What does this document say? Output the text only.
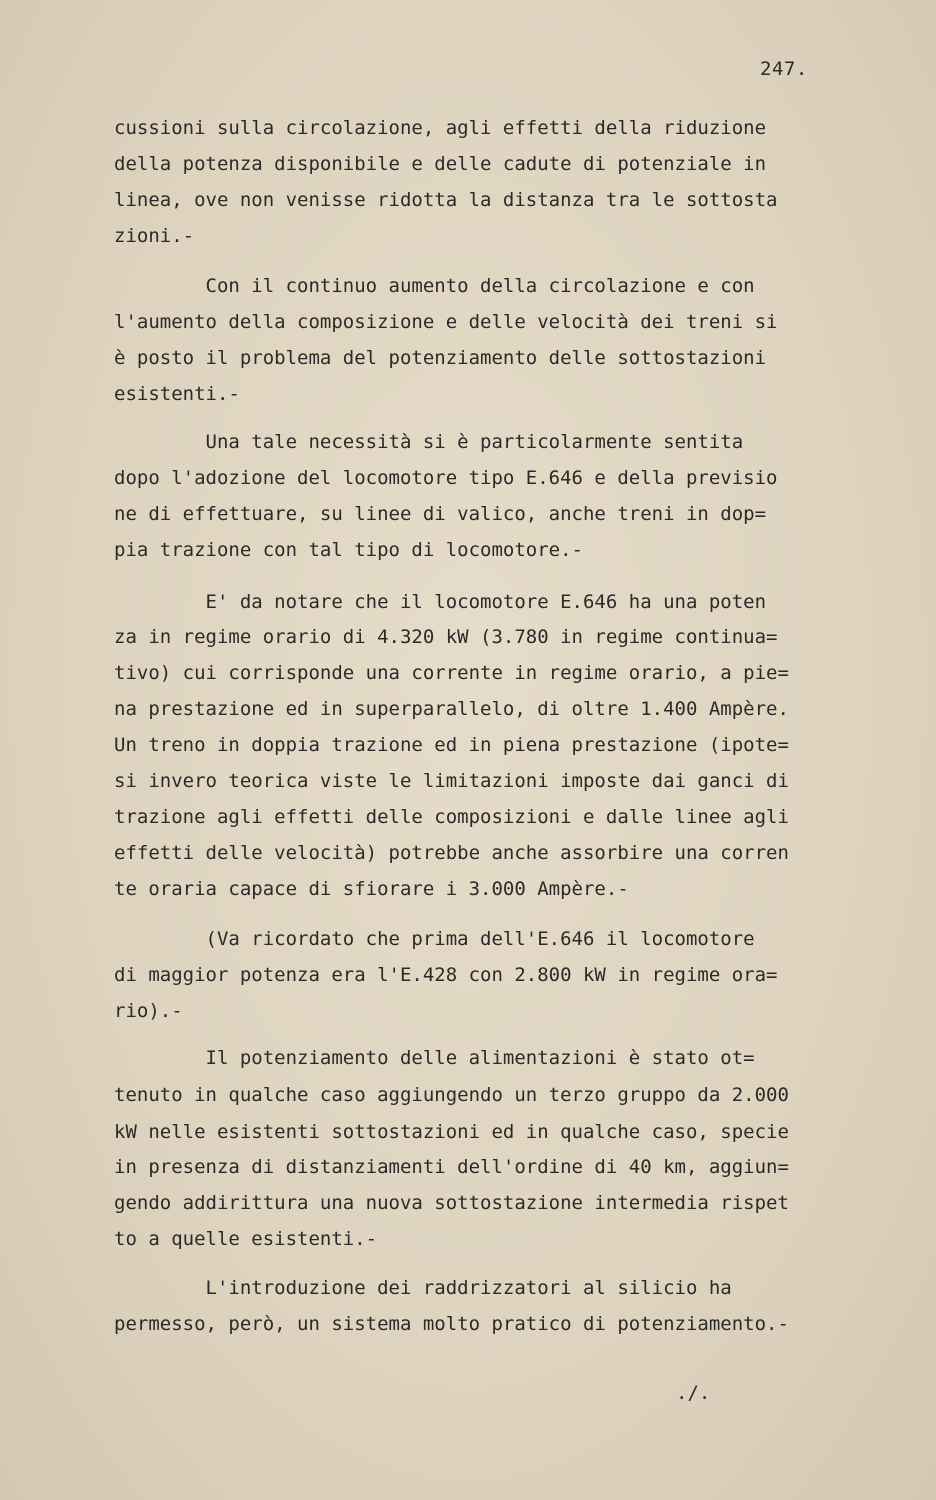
247.
cussioni sulla circolazione, agli effetti della riduzione
della potenza disponibile e delle cadute di potenziale in
linea, ove non venisse ridotta la distanza tra le sottosta
zioni.-
Con il continuo aumento della circolazione e con
l'aumento della composizione e delle velocità dei treni si
è posto il problema del potenziamento delle sottostazioni
esistenti.-
Una tale necessità si è particolarmente sentita
dopo l'adozione del locomotore tipo E.646 e della previsio
ne di effettuare, su linee di valico, anche treni in dop=
pia trazione con tal tipo di locomotore.-
E' da notare che il locomotore E.646 ha una poten
za in regime orario di 4.320 kW (3.780 in regime continua=
tivo) cui corrisponde una corrente in regime orario, a pie=
na prestazione ed in superparallelo, di oltre 1.400 Ampère.
Un treno in doppia trazione ed in piena prestazione (ipote=
si invero teorica viste le limitazioni imposte dai ganci di
trazione agli effetti delle composizioni e dalle linee agli
effetti delle velocità) potrebbe anche assorbire una corren
te oraria capace di sfiorare i 3.000 Ampère.-
(Va ricordato che prima dell'E.646 il locomotore
di maggior potenza era l'E.428 con 2.800 kW in regime ora=
rio).-
Il potenziamento delle alimentazioni è stato ot=
tenuto in qualche caso aggiungendo un terzo gruppo da 2.000
kW nelle esistenti sottostazioni ed in qualche caso, specie
in presenza di distanziamenti dell'ordine di 40 km, aggiun=
gendo addirittura una nuova sottostazione intermedia rispet
to a quelle esistenti.-
L'introduzione dei raddrizzatori al silicio ha
permesso, però, un sistema molto pratico di potenziamento.-
./.
